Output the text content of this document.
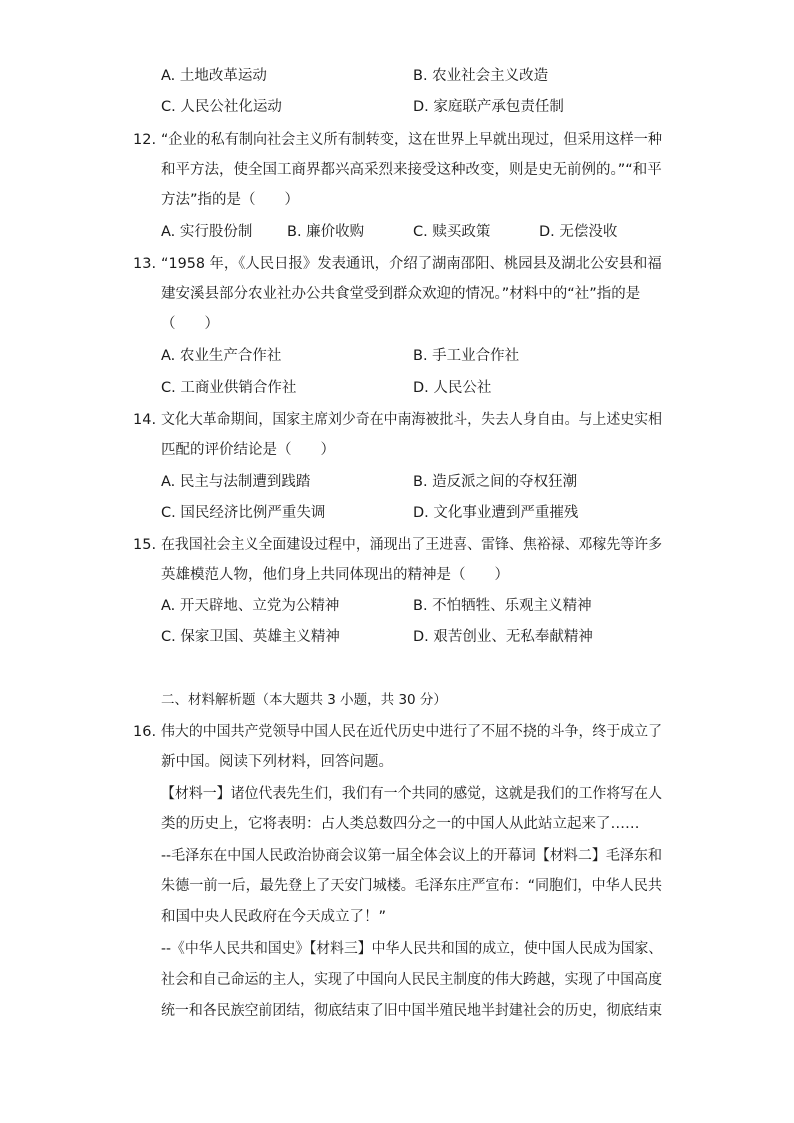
A. 土地改革运动	B. 农业社会主义改造
C. 人民公社化运动	D. 家庭联产承包责任制
12. “企业的私有制向社会主义所有制转变，这在世界上早就出现过，但采用这样一种
和平方法，使全国工商界都兴高采烈来接受这种改变，则是史无前例的。”“和平
方法”指的是（　　）
A. 实行股份制 B. 廉价收购	C. 赎买政策	D. 无偿没收
13. “1958 年，《人民日报》发表通讯，介绍了湖南邵阳、桃园县及湖北公安县和福
建安溪县部分农业社办公共食堂受到群众欢迎的情况。”材料中的“社”指的是
（　　）
A. 农业生产合作社	B. 手工业合作社
C. 工商业供销合作社	D. 人民公社
14. 文化大革命期间，国家主席刘少奇在中南海被批斗，失去人身自由。与上述史实相
匹配的评价结论是（　　）
A. 民主与法制遭到践踏	B. 造反派之间的夺权狂潮
C. 国民经济比例严重失调	D. 文化事业遭到严重摧残
15. 在我国社会主义全面建设过程中，涌现出了王进喜、雷锋、焦裕禄、邓稼先等许多
英雄模范人物，他们身上共同体现出的精神是（　　）
A. 开天辟地、立党为公精神	B. 不怕牺牲、乐观主义精神
C. 保家卫国、英雄主义精神	D. 艰苦创业、无私奉献精神
二、材料解析题（本大题共 3 小题，共 30 分）
16. 伟大的中国共产党领导中国人民在近代历史中进行了不屈不挠的斗争，终于成立了
新中国。阅读下列材料，回答问题。
【材料一】诸位代表先生们，我们有一个共同的感觉，这就是我们的工作将写在人
类的历史上，它将表明：占人类总数四分之一的中国人从此站立起来了……
--毛泽东在中国人民政治协商会议第一届全体会议上的开幕词【材料二】毛泽东和
朱德一前一后，最先登上了天安门城楼。毛泽东庄严宣布：“同胞们，中华人民共
和国中央人民政府在今天成立了！”
--《中华人民共和国史》【材料三】中华人民共和国的成立，使中国人民成为国家、
社会和自己命运的主人，实现了中国向人民民主制度的伟大跨越，实现了中国高度
统一和各民族空前团结，彻底结束了旧中国半殖民地半封建社会的历史，彻底结束
